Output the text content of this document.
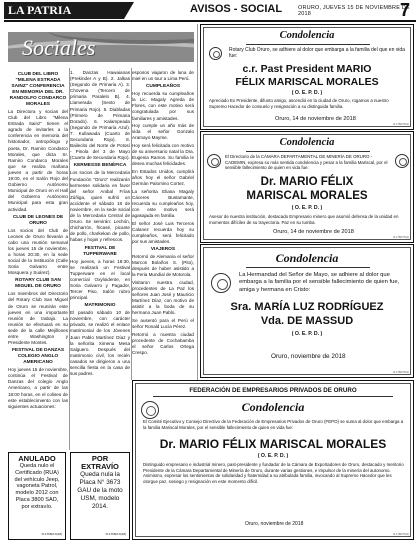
LA PATRIA	AVISOS - SOCIAL	ORURO, JUEVES 15 DE NOVIEMBRE DE 2018	7
Sociales
CLUB DEL LIBRO "MILENA ESTRADA SAINZ" CONFERENCIA EN MEMORIA DEL DR. RANDOLFO CONDARCO MORALES

La Directora y socias del Club del Libro "Milena Estrada Sainz" tienen el agrado de invitarles a la conferencia en memoria del historiador, antropólogo y poeta, Dr. Ramiro Condarco Morales, que dicta Sr. Ramiro Condarco Morales que se realiza mañana jueves a partir de horas 19:00, en el Salón Rojo del Gobierno Autónomo Municipal de Oruro en el Hall del Gobierno Autónomo Municipal para esta gran actividad.

CLUB DE LEONES DE ORURO

Los socios del Club de Leones de Oruro llevarán a cabo una reunión semanal los jueves 15 de noviembre, a horas 20:30, en la sede social de la Institución (Calle Soria Galvarro entre Mosquera y Suárez).

ROTARY CLUB SAN MIGUEL DE ORURO

Los miembros del Directorio del Rotary Club San Miguel de Oruro se reunirán este jueves en una importante reunión de trabajo. La reunión se efectuará en su sede de la calle Mejillones entre Washington y Presidente Montes.

FESTIVAL DE DANZAS COLEGIO ANGLO AMERICANO

Hoy jueves 15 de noviembre, continúa el Festival de Danzas del colegio Anglo Americano, a partir de las 18:00 horas, en el coliseo de este establecimiento con las siguientes actuaciones:

1. Danzas Hawaianas (Prekinder A y B). 2. Jalkas (Segundo de Primaria A). 3. Chovena (Tercero de primaria Paralelo B). 4. Llamerada (Sexto de Primaria Rojo). 5. Diabladas (Primero de Primaria Dorado). 6. Kalampeada (Segundo de Primaria Azul). 7. Kullawada (Cuarto de Secundaria Rojo). 8. Bailecito del Norte de Potosí - Pinola del 3 de Mayo (Cuarto de Secundaria Rojo).

KERMESSE BENÉFICA

Los socios de la Mercedaria Fundación "Oruro" realizarán kermesse solidaria en favor del señor Anibal Frías Zúñiga, quien sufrió un accidente el sábado 18 de noviembre, en la sede social de la Mercedaria Central de Oruro. Se servirán: Lechón, chicharrón, fricasé, picante de pollo, charkekan de pollo, habas y hojas y refrescos.

FESTIVAL DE TUPPERWARE

Hoy jueves, a horas 18:30, se realizará un Festival Tupperware en el local comercial Oxyloidente, en Soria Galvarro y Pagador, Tercer Piso, Salón rubro principal.

MATRIMONIO

El pasado sábado 10 de noviembre, con carácter privado, se realizó el enlace matrimonial de los Jóvenes Juan Pablo Martínez Díaz y la señorita Ximena Mesa Salguero. Después del matrimonio civil, los recién casados se dirigieron a una sencilla fiesta en la casa de sus padres.

esposos viajaron de luna de miel en un tour a Lima Perú.

CUMPLEAÑOS

Hoy recuerda su cumpleaños la Lic. Magaly Agreda de Flores, con este motivo será congratulada por sus familiares y amistades.

Hoy cumple un año más de vida el señor Gonzalo Aramayo Mayme.

Hoy será felicitada con motivo de su aniversario natal la Dra. Eugenia Ramos. Su familia le desea muchas felicidades.

En Estados Unidos, cumplirá años hoy el señor Gabriel Germán Palomino Cortez.

La señorita Eliana Magaly Cáceres Bustamante, recuerda su cumpleaños hoy, con este motivo será agasajada en familia.

El señor José Luis Terceros Calanez recuerda hoy su cumpleaños, será felicitado por sus amistades.

VIAJEROS

Retornó de Alemania el señor Marcos Bolaños S. (Pito), después de haber asistido a la Feria Mundial de Motorola.

Visitaron nuestra ciudad, procedentes de La Paz los señores Juan José y Mauricio Martínez Díaz, con motivo de asistir a la boda de su hermano Juan Pablo.

Se ausentó para el Perú el señor Ronald Lucía Pérez.

Retornó a nuestra ciudad procedente de Cochabamba el señor Carlos Ortega Crespo.

ANULADO
Queda nulo el Certificado (RUA) del vehículo Jeep, vagoneta Patrol, modelo 2012 con Placa 3800 SAD, por extravío.
R-1768/2-6(18)
POR EXTRAVÍO
Queda nula la Placa N° 3673 GAU de la moto USM, modelo 2014.
R-1768/2-6(18)
Condolencia
Rotary Club Oruro, se adhiere al dolor que embarga a la familia del que en vida fue:
c.r. Past President MARIO
FÉLIX MARISCAL MORALES
( O. E. P. D. )
Apreciado Ex Presidente, difunto amigo, ascendió en la ciudad de Oruro, rogamos a nuestro Supremo Hacedor de consuelo y resignación a su distinguida familia.
Oruro, 14 de noviembre de 2018
R-1768/7N(1)
Condolencia
El Directorio de la CÁMARA DEPARTAMENTAL DE MINERÍA DE ORURO - CADEMIN, expresa su más sentida condolencia y pesar a la familia Mariscal, por el sensible fallecimiento de quien en vida fue:
Dr. MARIO FÉLIX
MARISCAL MORALES
( O. E. P. D. )
Asesor de nuestra institución, destacado Empresario minero que asumió defensa de la unidad en momentos difíciles de su trayectoria. Paz en su tumba.
Oruro, 14 de noviembre de 2018
R-1768/7N(1)
Condolencia
La Hermandad del Señor de Mayo, se adhiere al dolor que embarga a la familia por el sensible fallecimiento de quien fue, amiga y hermana en Cristo:
Sra. MARÍA LUZ RODRÍGUEZ
Vda. DE MASSUD
( O. E. P. D. )
Oruro, noviembre de 2018
R-1768/7N(1)
FEDERACIÓN DE EMPRESARIOS PRIVADOS DE ORURO
Condolencia
El Comité Ejecutivo y Consejo Directivo de la Federación de Empresarios Privados de Oruro (FEPO) se suma al dolor que embarga a la familia Mariscal Morales, por el sensible fallecimiento de quien en vida fue:
Dr. MARIO FÉLIX MARISCAL MORALES
( O. E. P. D. )
Distinguido empresario e industrial minero, past-presidente y fundador de la Cámara de Exportadores de Oruro, destacado y meritorio Presidente de la Cámara Departamental de Minería de Oruro, durante varias gestiones, e impulsor de la minería del autonomo. Asimismo, expresar los sentimientos de solidaridad y fraternidad a su atribulada familia, invocando al Supremo Hacedor que les otorgue paz, sosiego y resignación en este momento difícil.
Oruro, noviembre de 2018
R-1768/7N(1)
